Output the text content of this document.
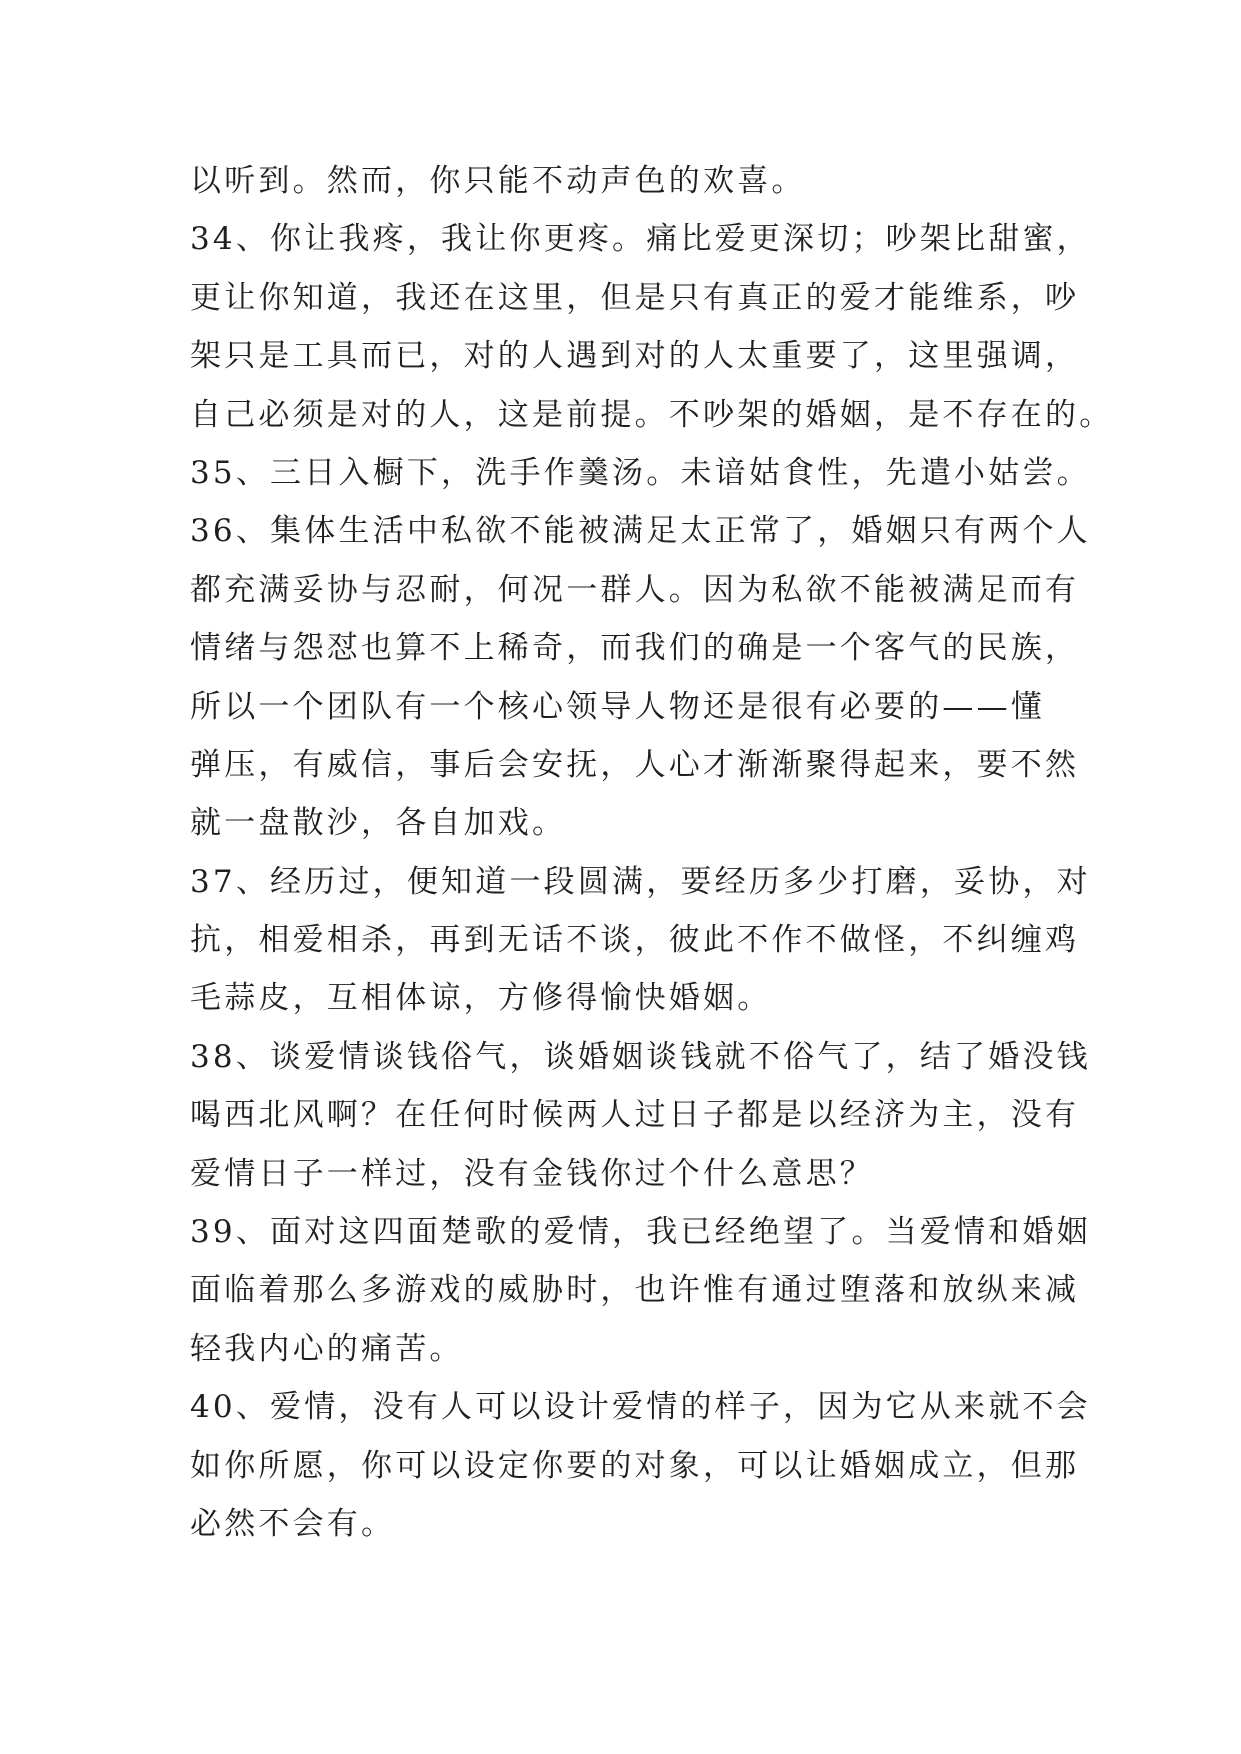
以听到。然而，你只能不动声色的欢喜。
34、你让我疼，我让你更疼。痛比爱更深切；吵架比甜蜜，
更让你知道，我还在这里，但是只有真正的爱才能维系，吵
架只是工具而已，对的人遇到对的人太重要了，这里强调，
自己必须是对的人，这是前提。不吵架的婚姻，是不存在的。
35、三日入橱下，洗手作羹汤。未谙姑食性，先遣小姑尝。
36、集体生活中私欲不能被满足太正常了，婚姻只有两个人
都充满妥协与忍耐，何况一群人。因为私欲不能被满足而有
情绪与怨怼也算不上稀奇，而我们的确是一个客气的民族，
所以一个团队有一个核心领导人物还是很有必要的——懂
弹压，有威信，事后会安抚，人心才渐渐聚得起来，要不然
就一盘散沙，各自加戏。
37、经历过，便知道一段圆满，要经历多少打磨，妥协，对
抗，相爱相杀，再到无话不谈，彼此不作不做怪，不纠缠鸡
毛蒜皮，互相体谅，方修得愉快婚姻。
38、谈爱情谈钱俗气，谈婚姻谈钱就不俗气了，结了婚没钱
喝西北风啊？在任何时候两人过日子都是以经济为主，没有
爱情日子一样过，没有金钱你过个什么意思？
39、面对这四面楚歌的爱情，我已经绝望了。当爱情和婚姻
面临着那么多游戏的威胁时，也许惟有通过堕落和放纵来减
轻我内心的痛苦。
40、爱情，没有人可以设计爱情的样子，因为它从来就不会
如你所愿，你可以设定你要的对象，可以让婚姻成立，但那
必然不会有。
